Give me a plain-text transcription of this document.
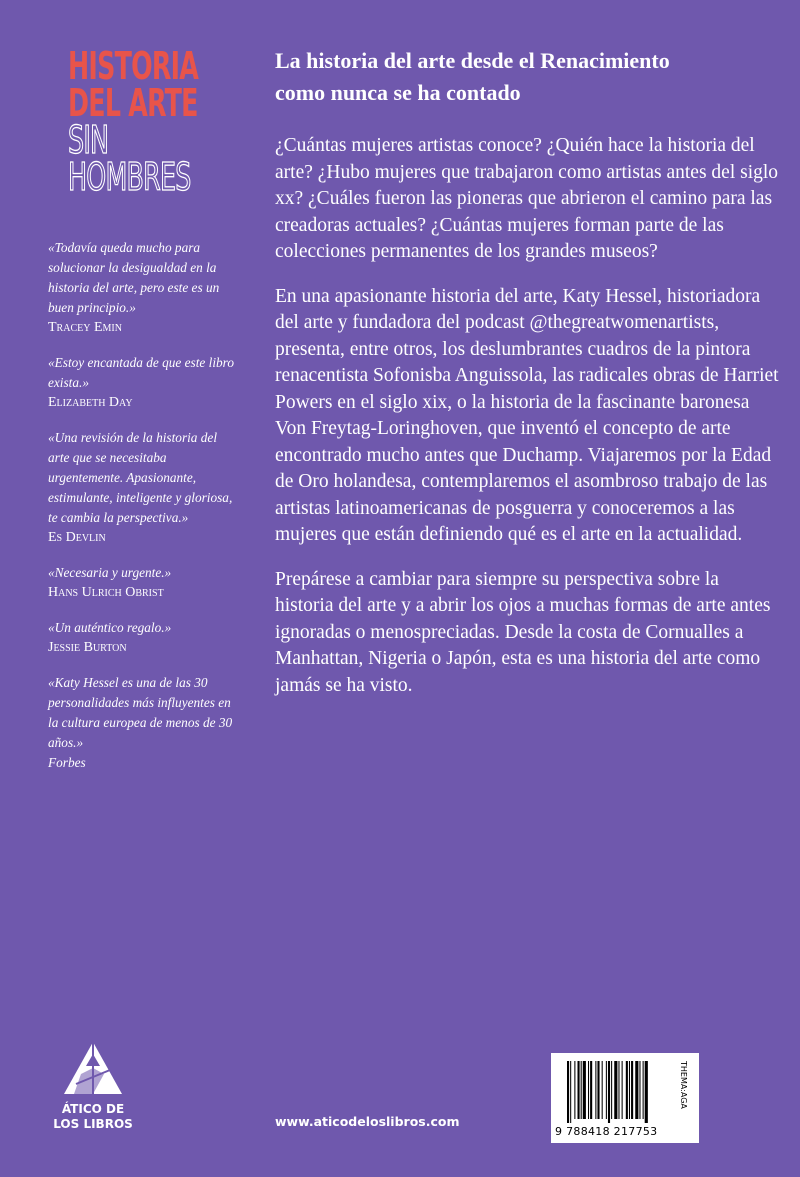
HISTORIA
DEL ARTE
SIN
HOMBRES
«Todavía queda mucho para solucionar la desigualdad en la historia del arte, pero este es un buen principio.»
Tracey Emin
«Estoy encantada de que este libro exista.»
Elizabeth Day
«Una revisión de la historia del arte que se necesitaba urgentemente. Apasionante, estimulante, inteligente y gloriosa, te cambia la perspectiva.»
Es Devlin
«Necesaria y urgente.»
Hans Ulrich Obrist
«Un auténtico regalo.»
Jessie Burton
«Katy Hessel es una de las 30 personalidades más influyentes en la cultura europea de menos de 30 años.»
Forbes
La historia del arte desde el Renacimiento como nunca se ha contado

¿Cuántas mujeres artistas conoce? ¿Quién hace la historia del arte? ¿Hubo mujeres que trabajaron como artistas antes del siglo xx? ¿Cuáles fueron las pioneras que abrieron el camino para las creadoras actuales? ¿Cuántas mujeres forman parte de las colecciones permanentes de los grandes museos?

En una apasionante historia del arte, Katy Hessel, historiadora del arte y fundadora del podcast @thegreatwomenartists, presenta, entre otros, los deslumbrantes cuadros de la pintora renacentista Sofonisba Anguissola, las radicales obras de Harriet Powers en el siglo xix, o la historia de la fascinante baronesa Von Freytag-Loringhoven, que inventó el concepto de arte encontrado mucho antes que Duchamp. Viajaremos por la Edad de Oro holandesa, contemplaremos el asombroso trabajo de las artistas latinoamericanas de posguerra y conoceremos a las mujeres que están definiendo qué es el arte en la actualidad.

Prepárese a cambiar para siempre su perspectiva sobre la historia del arte y a abrir los ojos a muchas formas de arte antes ignoradas o menospreciadas. Desde la costa de Cornualles a Manhattan, Nigeria o Japón, esta es una historia del arte como jamás se ha visto.

ÁTICO DE
LOS LIBROS	www.aticodeloslibros.com
9 788418 217753
THEMA:AGA
